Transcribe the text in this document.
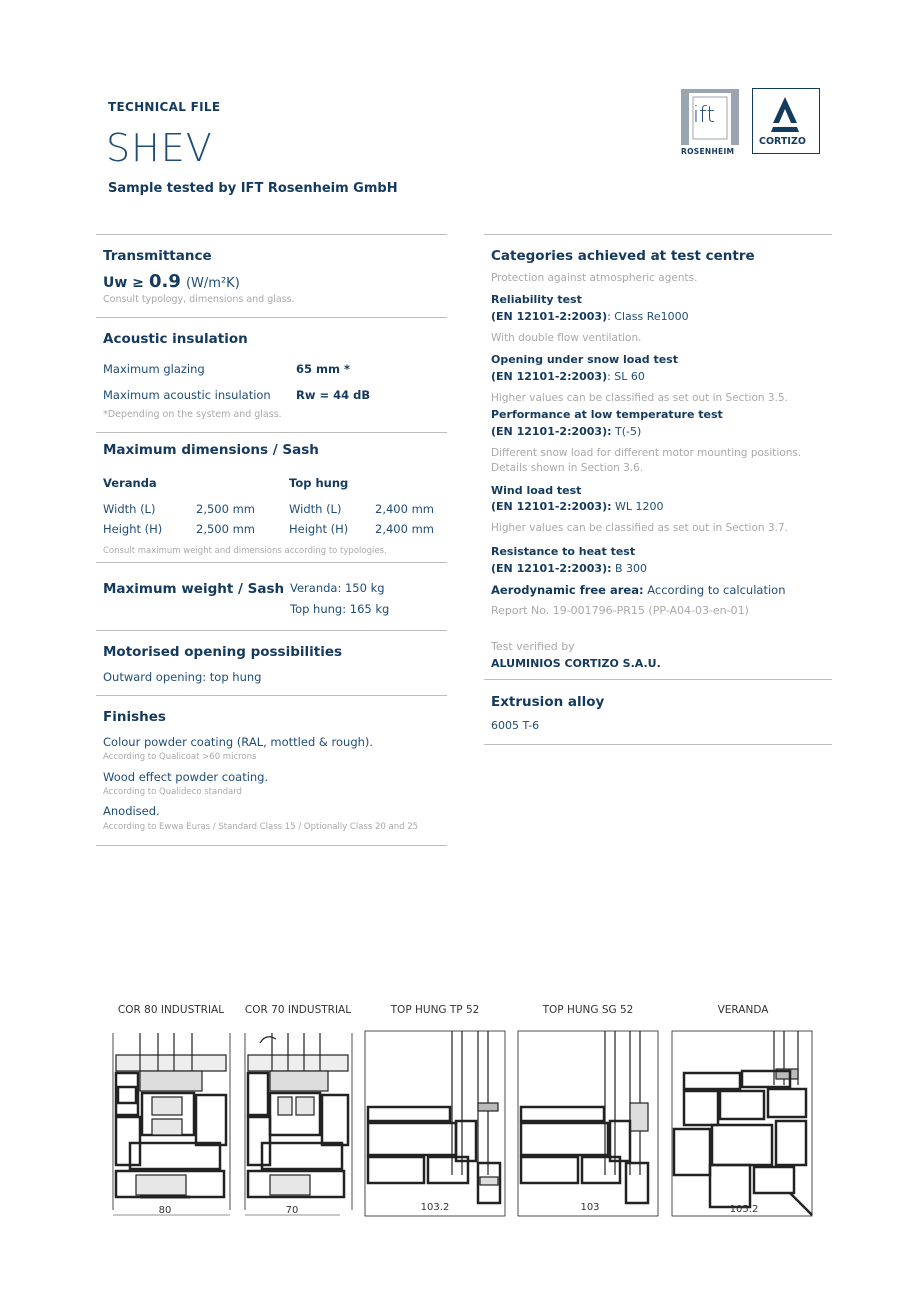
TECHNICAL FILE
SHEV
Sample tested by IFT Rosenheim GmbH
ift
ROSENHEIM
CORTIZO
Transmittance
Uw ≥ 0.9 (W/m²K)
Consult typology, dimensions and glass.
Acoustic insulation
Maximum glazing	65 mm *
Maximum acoustic insulation Rw = 44 dB
*Depending on the system and glass.
Maximum dimensions / Sash
Veranda	Top hung
Width (L)	2,500 mm	Width (L)	2,400 mm
Height (H)	2,500 mm	Height (H) 2,400 mm
Consult maximum weight and dimensions according to typologies.
Maximum weight / Sash Veranda: 150 kg
Top hung: 165 kg
Motorised opening possibilities
Outward opening: top hung
Finishes
Colour powder coating (RAL, mottled & rough).
According to Qualicoat >60 microns
Wood effect powder coating.
According to Qualideco standard
Anodised.
According to Ewwa Euras / Standard Class 15 / Optionally Class 20 and 25
Categories achieved at test centre
Protection against atmospheric agents.
Reliability test
(EN 12101-2:2003): Class Re1000
With double flow ventilation.
Opening under snow load test
(EN 12101-2:2003): SL 60
Higher values can be classified as set out in Section 3.5.
Performance at low temperature test
(EN 12101-2:2003): T(-5)
Different snow load for different motor mounting positions.
Details shown in Section 3.6.
Wind load test
(EN 12101-2:2003): WL 1200
Higher values can be classified as set out in Section 3.7.
Resistance to heat test
(EN 12101-2:2003): B 300
Aerodynamic free area: According to calculation
Report No. 19-001796-PR15 (PP-A04-03-en-01)
Test verified by
ALUMINIOS CORTIZO S.A.U.
Extrusion alloy
6005 T-6
COR 80 INDUSTRIAL	COR 70 INDUSTRIAL	TOP HUNG TP 52	TOP HUNG SG 52	VERANDA
80	70	103.2	103	105.2
